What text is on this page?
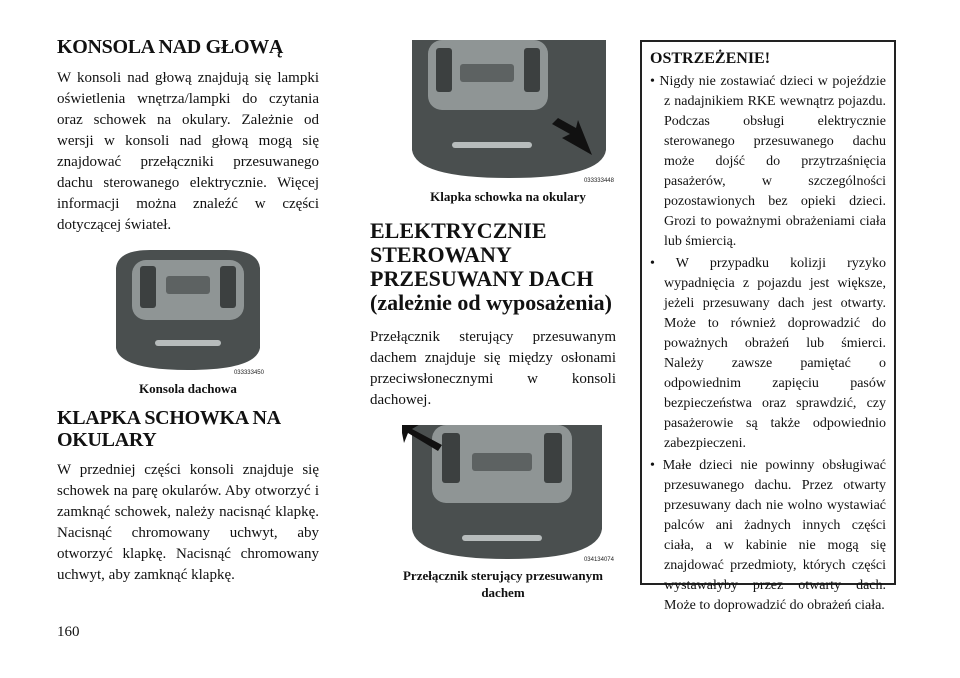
KONSOLA NAD GŁOWĄ

W konsoli nad głową znajdują się lampki oświetlenia wnętrza/lampki do czytania oraz schowek na okulary. Zależnie od wersji w konsoli nad głową mogą się znajdować przełączniki przesuwanego dachu sterowanego elektrycznie. Więcej informacji można znaleźć w części dotyczącej świateł.

033333450
Konsola dachowa
KLAPKA SCHOWKA NA OKULARY

W przedniej części konsoli znajduje się schowek na parę okularów. Aby otworzyć i zamknąć schowek, należy nacisnąć klapkę. Nacisnąć chromowany uchwyt, aby otworzyć klapkę. Nacisnąć chromowany uchwyt, aby zamknąć klapkę.

033333448
Klapka schowka na okulary
ELEKTRYCZNIE STEROWANY PRZESUWANY DACH
(zależnie od wyposażenia)

Przełącznik sterujący przesuwanym dachem znajduje się między osłonami przeciwsłonecznymi w konsoli dachowej.

034134074
Przełącznik sterujący przesuwanym dachem
OSTRZEŻENIE!
• Nigdy nie zostawiać dzieci w pojeździe z nadajnikiem RKE wewnątrz pojazdu. Podczas obsługi elektrycznie sterowanego przesuwanego dachu może dojść do przytrzaśnięcia pasażerów, w szczególności pozostawionych bez opieki dzieci. Grozi to poważnymi obrażeniami ciała lub śmiercią.
• W przypadku kolizji ryzyko wypadnięcia z pojazdu jest większe, jeżeli przesuwany dach jest otwarty. Może to również doprowadzić do poważnych obrażeń lub śmierci. Należy zawsze pamiętać o odpowiednim zapięciu pasów bezpieczeństwa oraz sprawdzić, czy pasażerowie są także odpowiednio zabezpieczeni.
• Małe dzieci nie powinny obsługiwać przesuwanego dachu. Przez otwarty przesuwany dach nie wolno wystawiać palców ani żadnych innych części ciała, a w kabinie nie mogą się znajdować przedmioty, których części wystawałyby przez otwarty dach. Może to doprowadzić do obrażeń ciała.
160
